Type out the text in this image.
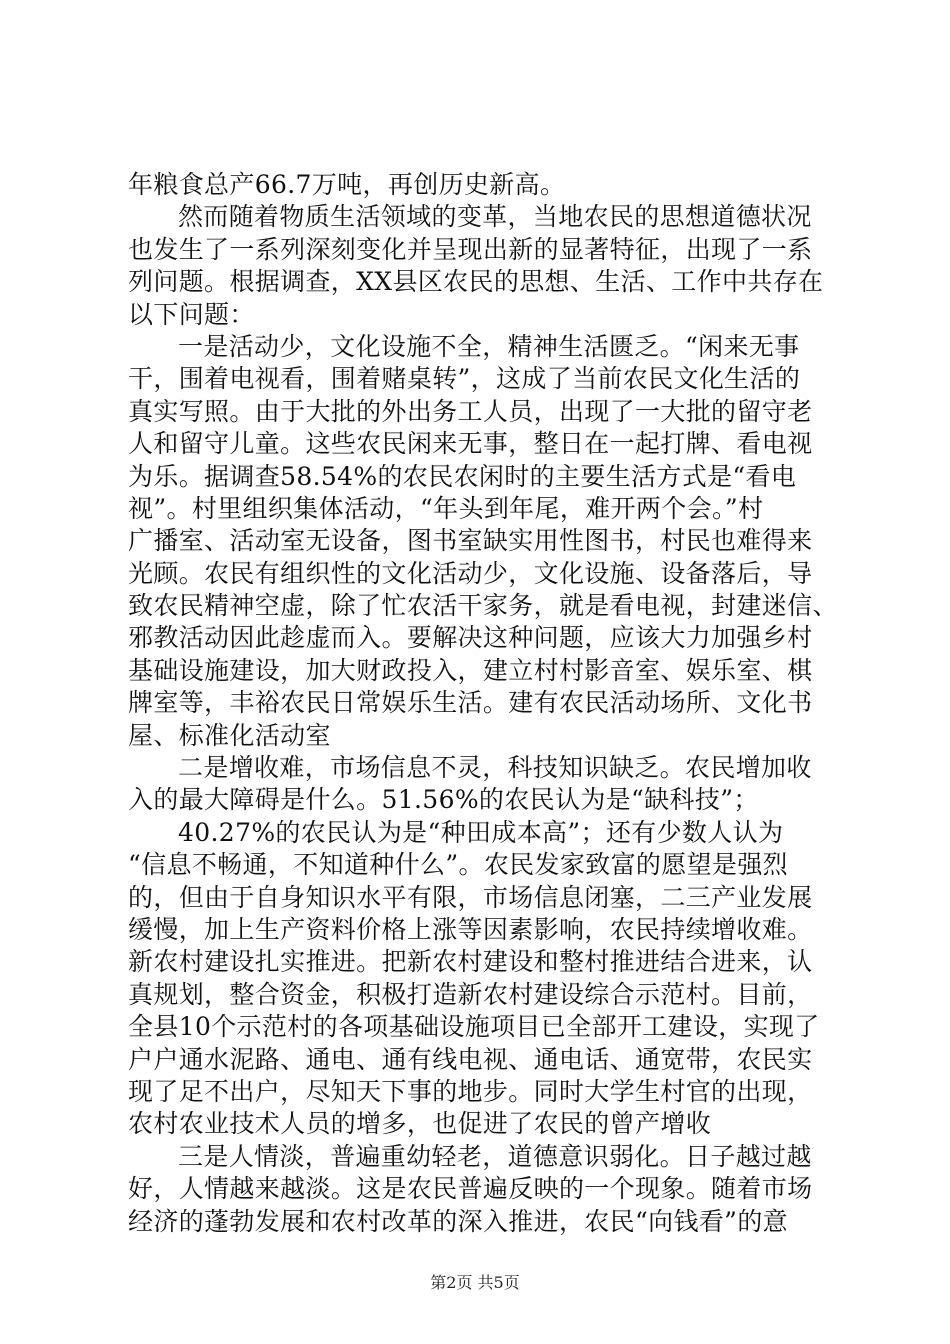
年粮食总产66.7万吨，再创历史新高。
然而随着物质生活领域的变革，当地农民的思想道德状况
也发生了一系列深刻变化并呈现出新的显著特征，出现了一系
列问题。根据调查，XX县区农民的思想、生活、工作中共存在
以下问题：
一是活动少，文化设施不全，精神生活匮乏。“闲来无事
干，围着电视看，围着赌桌转”，这成了当前农民文化生活的
真实写照。由于大批的外出务工人员，出现了一大批的留守老
人和留守儿童。这些农民闲来无事，整日在一起打牌、看电视
为乐。据调查58.54%的农民农闲时的主要生活方式是“看电
视”。村里组织集体活动，“年头到年尾，难开两个会。”村
广播室、活动室无设备，图书室缺实用性图书，村民也难得来
光顾。农民有组织性的文化活动少，文化设施、设备落后，导
致农民精神空虚，除了忙农活干家务，就是看电视，封建迷信、
邪教活动因此趁虚而入。要解决这种问题，应该大力加强乡村
基础设施建设，加大财政投入，建立村村影音室、娱乐室、棋
牌室等，丰裕农民日常娱乐生活。建有农民活动场所、文化书
屋、标准化活动室
二是增收难，市场信息不灵，科技知识缺乏。农民增加收
入的最大障碍是什么。51.56%的农民认为是“缺科技”；
40.27%的农民认为是“种田成本高”；还有少数人认为
“信息不畅通，不知道种什么”。农民发家致富的愿望是强烈
的，但由于自身知识水平有限，市场信息闭塞，二三产业发展
缓慢，加上生产资料价格上涨等因素影响，农民持续增收难。
新农村建设扎实推进。把新农村建设和整村推进结合进来，认
真规划，整合资金，积极打造新农村建设综合示范村。目前，
全县10个示范村的各项基础设施项目已全部开工建设，实现了
户户通水泥路、通电、通有线电视、通电话、通宽带，农民实
现了足不出户，尽知天下事的地步。同时大学生村官的出现，
农村农业技术人员的增多，也促进了农民的曾产增收
三是人情淡，普遍重幼轻老，道德意识弱化。日子越过越
好，人情越来越淡。这是农民普遍反映的一个现象。随着市场
经济的蓬勃发展和农村改革的深入推进，农民“向钱看”的意
第2页 共5页
